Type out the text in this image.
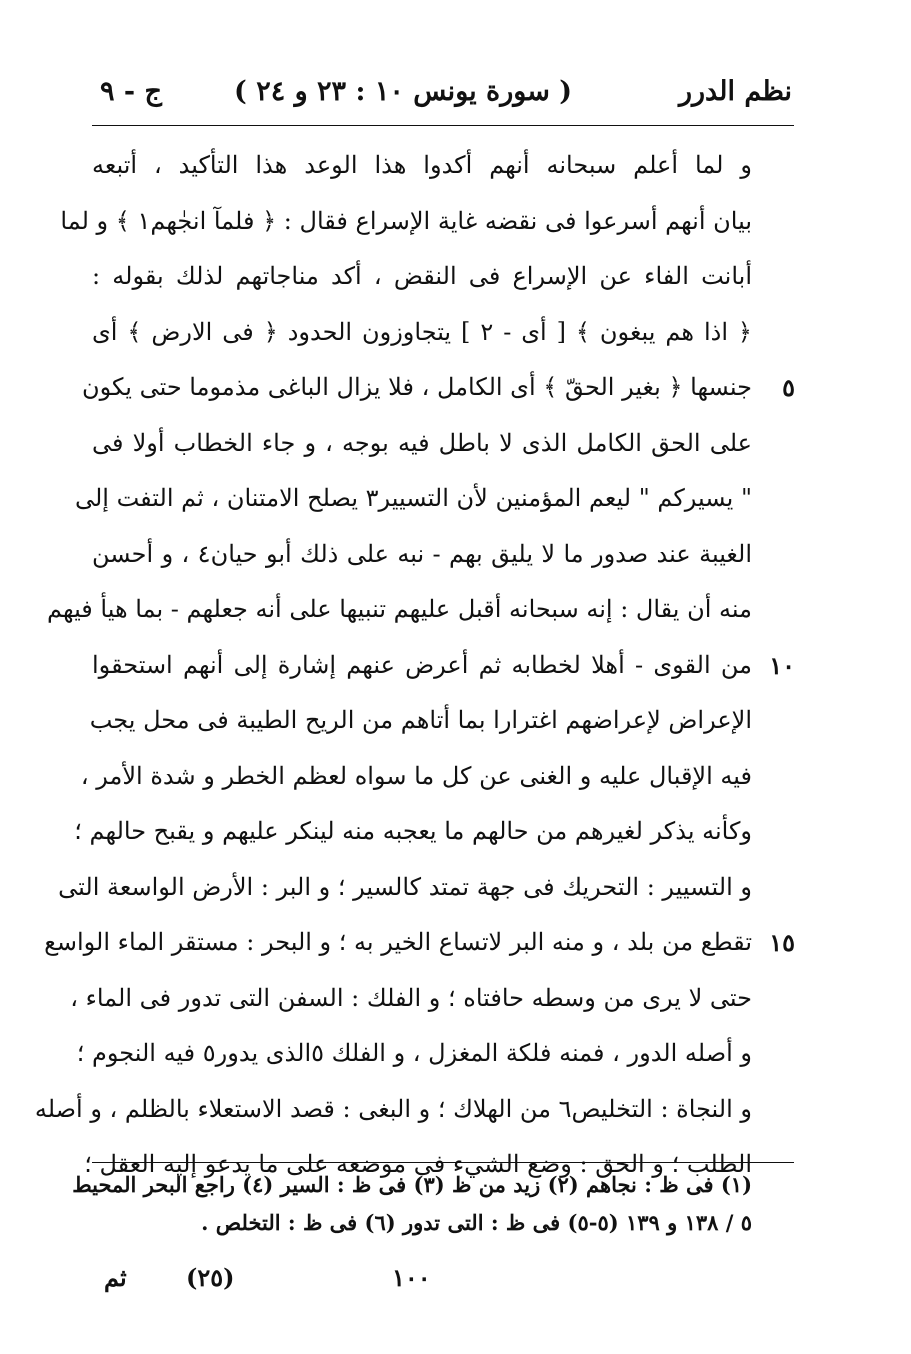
نظم الدرر
( سورة يونس ١٠ : ٢٣ و ٢٤ )
ج - ٩
و لما أعلم سبحانه أنهم أكدوا هذا الوعد هذا التأكيد ، أتبعه
بيان أنهم أسرعوا فى نقضه غاية الإسراع فقال : ﴿ فلمآ انجٰهم١ ﴾ و لما
أبانت الفاء عن الإسراع فى النقض ، أكد مناجاتهم لذلك بقوله :
﴿ اذا هم يبغون ﴾ [ أى - ٢ ] يتجاوزون الحدود ﴿ فى الارض ﴾ أى
جنسها ﴿ بغير الحقّ ﴾ أى الكامل ، فلا يزال الباغى مذموما حتى يكون
على الحق الكامل الذى لا باطل فيه بوجه ، و جاء الخطاب أولا فى
" يسيركم " ليعم المؤمنين لأن التسيير٣ يصلح الامتنان ، ثم التفت إلى
الغيبة عند صدور ما لا يليق بهم - نبه على ذلك أبو حيان٤ ، و أحسن
منه أن يقال : إنه سبحانه أقبل عليهم تنبيها على أنه جعلهم - بما هيأ فيهم
من القوى - أهلا لخطابه ثم أعرض عنهم إشارة إلى أنهم استحقوا
الإعراض لإعراضهم اغترارا بما أتاهم من الريح الطيبة فى محل يجب
فيه الإقبال عليه و الغنى عن كل ما سواه لعظم الخطر و شدة الأمر ،
وكأنه يذكر لغيرهم من حالهم ما يعجبه منه لينكر عليهم و يقبح حالهم ؛
و التسيير : التحريك فى جهة تمتد كالسير ؛ و البر : الأرض الواسعة التى
تقطع من بلد ، و منه البر لاتساع الخير به ؛ و البحر : مستقر الماء الواسع
حتى لا يرى من وسطه حافتاه ؛ و الفلك : السفن التى تدور فى الماء ،
و أصله الدور ، فمنه فلكة المغزل ، و الفلك ٥الذى يدور٥ فيه النجوم ؛
و النجاة : التخليص٦ من الهلاك ؛ و البغى : قصد الاستعلاء بالظلم ، و أصله
الطلب ؛ و الحق : وضع الشيء فى موضعه على ما يدعو إليه العقل ؛
٥
١٠
١٥
(١) فى ظ : نجاهم (٢) زيد من ظ (٣) فى ظ : السير (٤) راجع البحر المحيط
٥ / ١٣٨ و ١٣٩ (٥-٥) فى ظ : التى تدور (٦) فى ظ : التخلص .
ثم (٢٥)	١٠٠
